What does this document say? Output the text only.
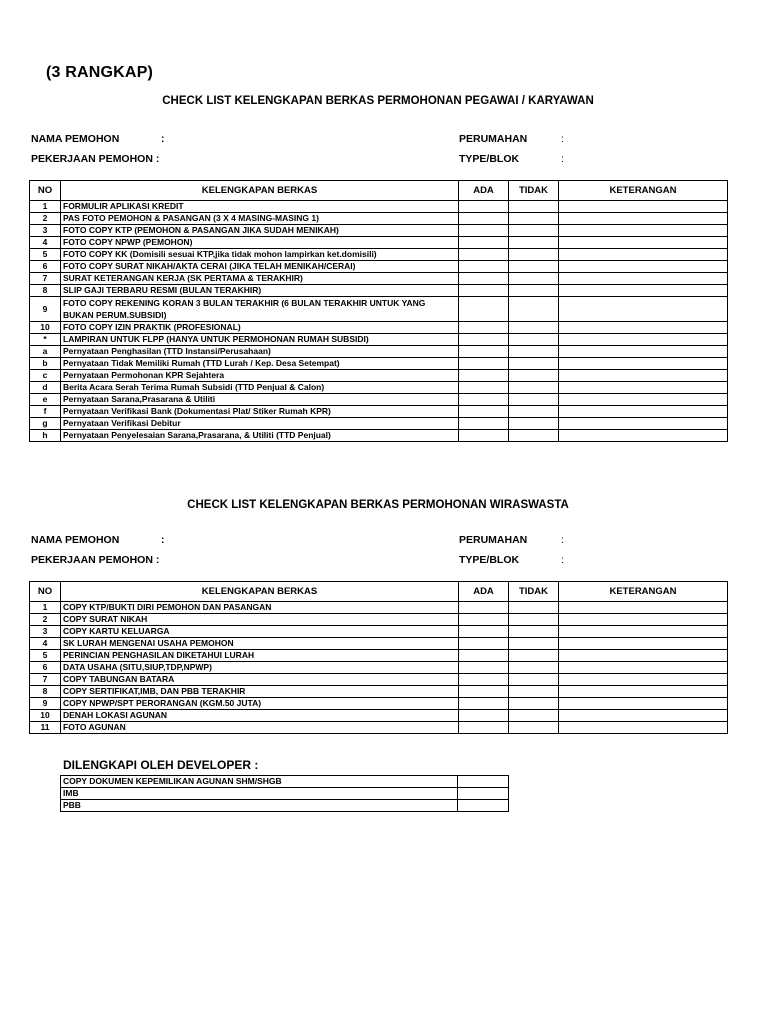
(3 RANGKAP)
CHECK LIST KELENGKAPAN BERKAS PERMOHONAN PEGAWAI / KARYAWAN
NAMA PEMOHON	:
PEKERJAAN PEMOHON :
PERUMAHAN	:
TYPE/BLOK	:
NO	KELENGKAPAN BERKAS	ADA	TIDAK	KETERANGAN
1	FORMULIR APLIKASI KREDIT			
2	PAS FOTO PEMOHON & PASANGAN (3 X 4 MASING-MASING 1)			
3	FOTO COPY KTP (PEMOHON & PASANGAN JIKA SUDAH MENIKAH)			
4	FOTO COPY NPWP (PEMOHON)			
5	FOTO COPY KK (Domisili sesuai KTP,jika tidak mohon lampirkan ket.domisili)			
6	FOTO COPY SURAT NIKAH/AKTA CERAI (JIKA TELAH MENIKAH/CERAI)			
7	SURAT KETERANGAN KERJA (SK PERTAMA & TERAKHIR)			
8	SLIP GAJI TERBARU RESMI (BULAN TERAKHIR)			
9	FOTO COPY REKENING KORAN 3 BULAN TERAKHIR (6 BULAN TERAKHIR UNTUK YANG BUKAN PERUM.SUBSIDI)			
10	FOTO COPY IZIN PRAKTIK (PROFESIONAL)			
*	LAMPIRAN UNTUK FLPP (HANYA UNTUK PERMOHONAN RUMAH SUBSIDI)			
a	Pernyataan Penghasilan (TTD Instansi/Perusahaan)			
b	Pernyataan Tidak Memiliki Rumah (TTD Lurah / Kep. Desa Setempat)			
c	Pernyataan Permohonan KPR Sejahtera			
d	Berita Acara Serah Terima Rumah Subsidi (TTD Penjual & Calon)			
e	Pernyataan Sarana,Prasarana & Utiliti			
f	Pernyataan Verifikasi Bank (Dokumentasi Plat/ Stiker Rumah KPR)			
g	Pernyataan Verifikasi Debitur			
h	Pernyataan Penyelesaian Sarana,Prasarana, & Utiliti (TTD Penjual)			
CHECK LIST KELENGKAPAN BERKAS PERMOHONAN WIRASWASTA
NAMA PEMOHON	:
PEKERJAAN PEMOHON :
PERUMAHAN	:
TYPE/BLOK	:
NO	KELENGKAPAN BERKAS	ADA	TIDAK	KETERANGAN
1	COPY KTP/BUKTI DIRI PEMOHON DAN PASANGAN			
2	COPY SURAT NIKAH			
3	COPY KARTU KELUARGA			
4	SK LURAH MENGENAI USAHA PEMOHON			
5	PERINCIAN PENGHASILAN DIKETAHUI LURAH			
6	DATA USAHA (SITU,SIUP,TDP,NPWP)			
7	COPY TABUNGAN BATARA			
8	COPY SERTIFIKAT,IMB, DAN PBB TERAKHIR			
9	COPY NPWP/SPT PERORANGAN (KGM.50 JUTA)			
10	DENAH LOKASI AGUNAN			
11	FOTO AGUNAN			
DILENGKAPI OLEH DEVELOPER :
COPY DOKUMEN KEPEMILIKAN AGUNAN SHM/SHGB	
IMB	
PBB	
